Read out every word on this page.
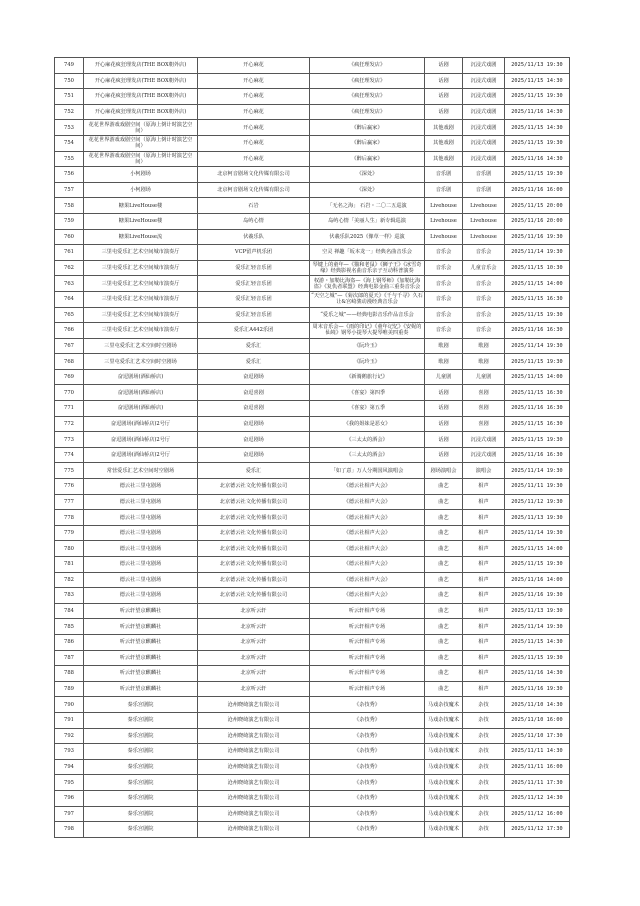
749	开心麻花疯狂理发店(THE BOX朝外店)	开心麻花	《疯狂理发店》	话剧	沉浸式戏剧	2025/11/13 19:30
750	开心麻花疯狂理发店(THE BOX朝外店)	开心麻花	《疯狂理发店》	话剧	沉浸式戏剧	2025/11/15 14:30
751	开心麻花疯狂理发店(THE BOX朝外店)	开心麻花	《疯狂理发店》	话剧	沉浸式戏剧	2025/11/15 19:30
752	开心麻花疯狂理发店(THE BOX朝外店)	开心麻花	《疯狂理发店》	话剧	沉浸式戏剧	2025/11/16 14:30
753	花花世界游戏戏剧空间（原海上倒计时演艺空间）	开心麻花	《醉后赢家》	其他戏剧	沉浸式戏剧	2025/11/15 14:30
754	花花世界游戏戏剧空间（原海上倒计时演艺空间）	开心麻花	《醉后赢家》	其他戏剧	沉浸式戏剧	2025/11/15 19:30
755	花花世界游戏戏剧空间（原海上倒计时演艺空间）	开心麻花	《醉后赢家》	其他戏剧	沉浸式戏剧	2025/11/16 14:30
756	小柯剧场	北京柯音剧场文化传媒有限公司	《深处》	音乐剧	音乐剧	2025/11/15 19:30
757	小柯剧场	北京柯音剧场文化传媒有限公司	《深处》	音乐剧	音乐剧	2025/11/16 16:00
758	糖果LiveHouse楼	石岩	「无名之海」 石岩・二〇二五巡演	Livehouse	Livehouse	2025/11/15 20:00
759	糖果LiveHouse楼	岛屿心情	岛屿心情「美丽人生」新专辑巡演	Livehouse	Livehouse	2025/11/16 20:00
760	糖果LiveHouse流	伏羲乐队	伏羲乐队2025《像草一样》巡演	Livehouse	Livehouse	2025/11/16 19:30
761	三里屯爱乐汇艺术空间城市演奏厅	VCP留声机乐团	空灵 禅趣「坂本龙一」经典名曲音乐会	音乐会	音乐会	2025/11/14 19:30
762	三里屯爱乐汇艺术空间城市演奏厅	爱乐汇轻音乐团	琴键上的童年—《猫和老鼠》《狮子王》《冰雪奇缘》经典影视名曲音乐亲子互动科普演奏	音乐会	儿童音乐会	2025/11/15 10:30
763	三里屯爱乐汇艺术空间城市演奏厅	爱乐汇轻音乐团	权游・加勒比海盗—《海上钢琴师》《加勒比海盗》《复仇者联盟》经典电影金曲三重奏音乐会	音乐会	音乐会	2025/11/15 14:00
764	三里屯爱乐汇艺术空间城市演奏厅	爱乐汇轻音乐团	“天空之城”—《菊次郎的夏天》《千与千寻》久石让&宫崎骏动漫经典音乐会	音乐会	音乐会	2025/11/15 16:30
765	三里屯爱乐汇艺术空间城市演奏厅	爱乐汇轻音乐团	“爱乐之城”——经典电影音乐作品音乐会	音乐会	音乐会	2025/11/15 19:30
766	三里屯爱乐汇艺术空间城市演奏厅	爱乐汇A442乐团	周末音乐会—《雨的印记》《童年记忆》《安妮的仙境》钢琴小提琴大提琴唯美四重奏	音乐会	音乐会	2025/11/16 16:30
767	三里屯爱乐汇艺术空间时空剧场	爱乐汇	《阮玲玉》	歌剧	歌剧	2025/11/14 19:30
768	三里屯爱乐汇艺术空间时空剧场	爱乐汇	《阮玲玉》	歌剧	歌剧	2025/11/15 19:30
769	奋逗剧场(酒仙桥店)	奋逗剧场	《新骑鹅旅行记》	儿童剧	儿童剧	2025/11/15 14:00
770	奋逗剧场(酒仙桥店)	奋逗喜剧	《喜宴》第四季	话剧	喜剧	2025/11/15 16:30
771	奋逗剧场(酒仙桥店)	奋逗喜剧	《喜宴》第五季	话剧	喜剧	2025/11/16 16:30
772	奋逗剧场(酒仙桥店)2号厅	奋逗剧场	《我的姐妹是恶女》	话剧	喜剧	2025/11/15 16:30
773	奋逗剧场(酒仙桥店)2号厅	奋逗剧场	《三太太的酒会》	话剧	沉浸式戏剧	2025/11/15 19:30
774	奋逗剧场(酒仙桥店)2号厅	奋逗剧场	《三太太的酒会》	话剧	沉浸式戏剧	2025/11/16 16:30
775	常营爱乐汇艺术空间时空剧场	爱乐汇	「如了意」万人分期国风演唱会	剧场演唱会	演唱会	2025/11/14 19:30
776	德云社三里屯剧场	北京德云社文化传播有限公司	《德云社相声大会》	曲艺	相声	2025/11/11 19:30
777	德云社三里屯剧场	北京德云社文化传播有限公司	《德云社相声大会》	曲艺	相声	2025/11/12 19:30
778	德云社三里屯剧场	北京德云社文化传播有限公司	《德云社相声大会》	曲艺	相声	2025/11/13 19:30
779	德云社三里屯剧场	北京德云社文化传播有限公司	《德云社相声大会》	曲艺	相声	2025/11/14 19:30
780	德云社三里屯剧场	北京德云社文化传播有限公司	《德云社相声大会》	曲艺	相声	2025/11/15 14:00
781	德云社三里屯剧场	北京德云社文化传播有限公司	《德云社相声大会》	曲艺	相声	2025/11/15 19:30
782	德云社三里屯剧场	北京德云社文化传播有限公司	《德云社相声大会》	曲艺	相声	2025/11/16 14:00
783	德云社三里屯剧场	北京德云社文化传播有限公司	《德云社相声大会》	曲艺	相声	2025/11/16 19:30
784	听云轩望京麒麟社	北京听云轩	听云轩相声专场	曲艺	相声	2025/11/13 19:30
785	听云轩望京麒麟社	北京听云轩	听云轩相声专场	曲艺	相声	2025/11/14 19:30
786	听云轩望京麒麟社	北京听云轩	听云轩相声专场	曲艺	相声	2025/11/15 14:30
787	听云轩望京麒麟社	北京听云轩	听云轩相声专场	曲艺	相声	2025/11/15 19:30
788	听云轩望京麒麟社	北京听云轩	听云轩相声专场	曲艺	相声	2025/11/16 14:30
789	听云轩望京麒麟社	北京听云轩	听云轩相声专场	曲艺	相声	2025/11/16 19:30
790	秦乐宫剧院	沧州晓绮演艺有限公司	《杂技秀》	马戏杂技魔术	杂技	2025/11/10 14:30
791	秦乐宫剧院	沧州晓绮演艺有限公司	《杂技秀》	马戏杂技魔术	杂技	2025/11/10 16:00
792	秦乐宫剧院	沧州晓绮演艺有限公司	《杂技秀》	马戏杂技魔术	杂技	2025/11/10 17:30
793	秦乐宫剧院	沧州晓绮演艺有限公司	《杂技秀》	马戏杂技魔术	杂技	2025/11/11 14:30
794	秦乐宫剧院	沧州晓绮演艺有限公司	《杂技秀》	马戏杂技魔术	杂技	2025/11/11 16:00
795	秦乐宫剧院	沧州晓绮演艺有限公司	《杂技秀》	马戏杂技魔术	杂技	2025/11/11 17:30
796	秦乐宫剧院	沧州晓绮演艺有限公司	《杂技秀》	马戏杂技魔术	杂技	2025/11/12 14:30
797	秦乐宫剧院	沧州晓绮演艺有限公司	《杂技秀》	马戏杂技魔术	杂技	2025/11/12 16:00
798	秦乐宫剧院	沧州晓绮演艺有限公司	《杂技秀》	马戏杂技魔术	杂技	2025/11/12 17:30
